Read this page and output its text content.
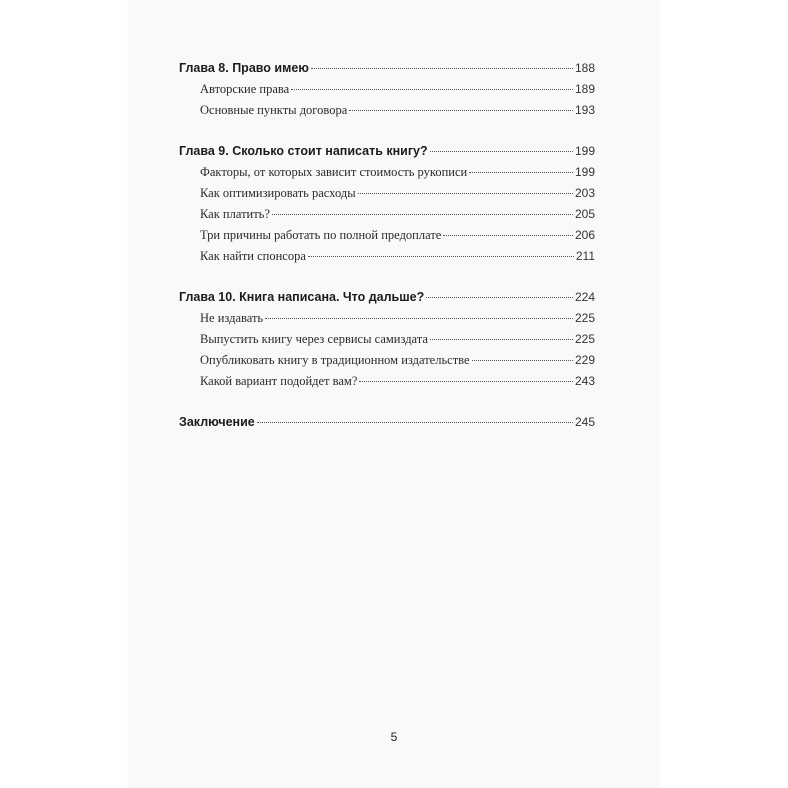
Глава 8. Право имею	188
Авторские права	189
Основные пункты договора	193
Глава 9. Сколько стоит написать книгу?	199
Факторы, от которых зависит стоимость рукописи	199
Как оптимизировать расходы	203
Как платить?	205
Три причины работать по полной предоплате	206
Как найти спонсора	211
Глава 10. Книга написана. Что дальше?	224
Не издавать	225
Выпустить книгу через сервисы самиздата	225
Опубликовать книгу в традиционном издательстве	229
Какой вариант подойдет вам?	243
Заключение	245
5
